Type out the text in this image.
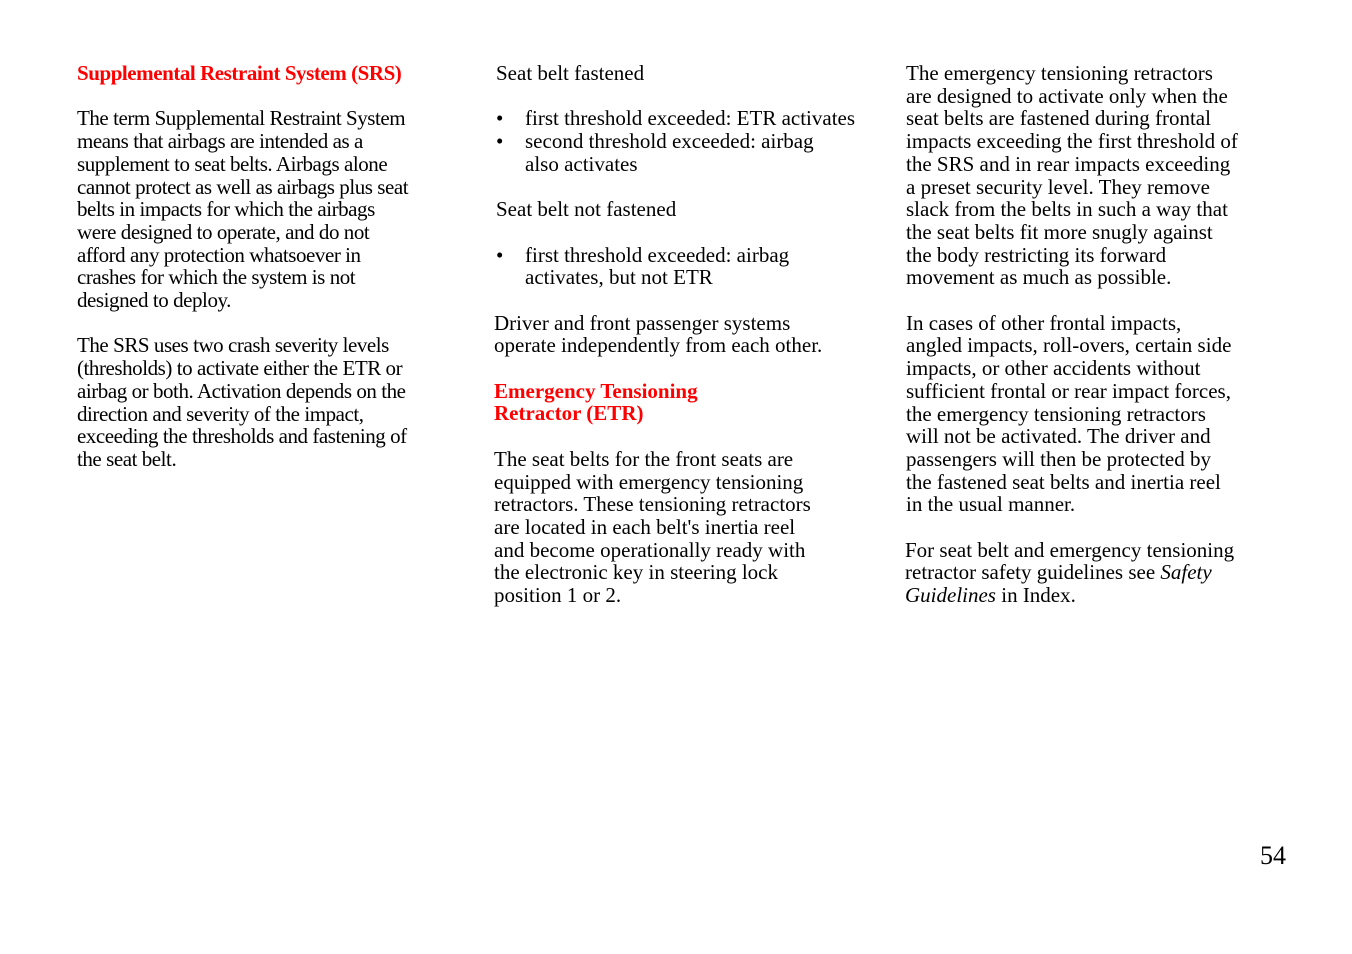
Supplemental Restraint System (SRS)

The term Supplemental Restraint System
means that airbags are intended as a
supplement to seat belts. Airbags alone
cannot protect as well as airbags plus seat
belts in impacts for which the airbags
were designed to operate, and do not
afford any protection whatsoever in
crashes for which the system is not
designed to deploy.

The SRS uses two crash severity levels
(thresholds) to activate either the ETR or
airbag or both. Activation depends on the
direction and severity of the impact,
exceeding the thresholds and fastening of
the seat belt.

Seat belt fastened

• first threshold exceeded: ETR activates
• second threshold exceeded: airbag
also activates

Seat belt not fastened

• first threshold exceeded: airbag
activates, but not ETR

Driver and front passenger systems
operate independently from each other.

Emergency Tensioning
Retractor (ETR)

The seat belts for the front seats are
equipped with emergency tensioning
retractors. These tensioning retractors
are located in each belt's inertia reel
and become operationally ready with
the electronic key in steering lock
position 1 or 2.

The emergency tensioning retractors
are designed to activate only when the
seat belts are fastened during frontal
impacts exceeding the first threshold of
the SRS and in rear impacts exceeding
a preset security level. They remove
slack from the belts in such a way that
the seat belts fit more snugly against
the body restricting its forward
movement as much as possible.

In cases of other frontal impacts,
angled impacts, roll-overs, certain side
impacts, or other accidents without
sufficient frontal or rear impact forces,
the emergency tensioning retractors
will not be activated. The driver and
passengers will then be protected by
the fastened seat belts and inertia reel
in the usual manner.

For seat belt and emergency tensioning
retractor safety guidelines see Safety
Guidelines in Index.

54
